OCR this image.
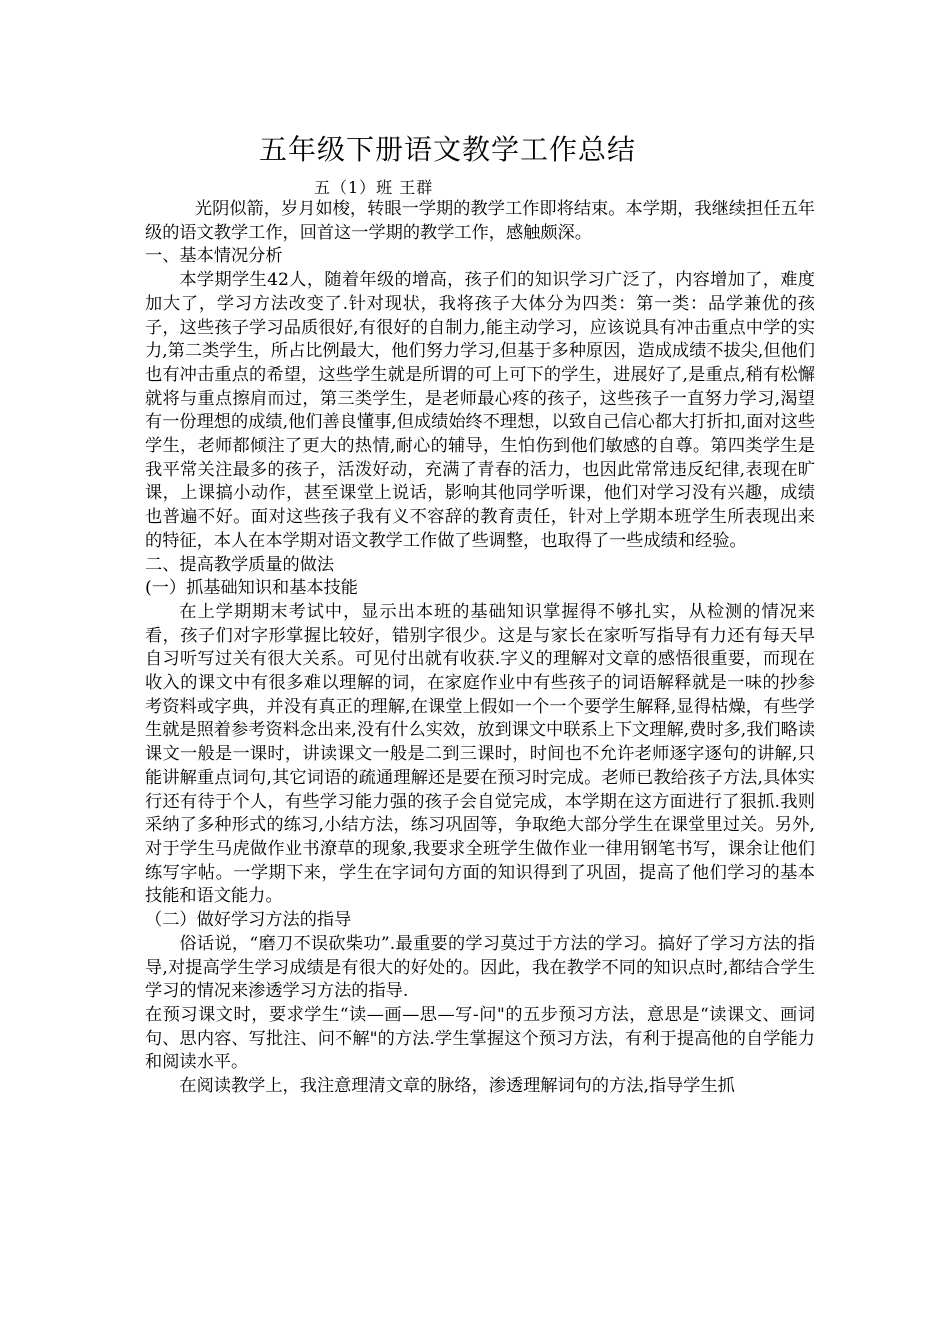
五年级下册语文教学工作总结
五（1）班 王群

光阴似箭，岁月如梭，转眼一学期的教学工作即将结束。本学期，我继续担任五年级的语文教学工作，回首这一学期的教学工作，感触颇深。

一、基本情况分析

本学期学生42人，随着年级的增高，孩子们的知识学习广泛了，内容增加了，难度加大了，学习方法改变了.针对现状，我将孩子大体分为四类：第一类：品学兼优的孩子，这些孩子学习品质很好,有很好的自制力,能主动学习，应该说具有冲击重点中学的实力,第二类学生，所占比例最大，他们努力学习,但基于多种原因，造成成绩不拔尖,但他们也有冲击重点的希望，这些学生就是所谓的可上可下的学生，进展好了,是重点,稍有松懈就将与重点擦肩而过，第三类学生，是老师最心疼的孩子，这些孩子一直努力学习,渴望有一份理想的成绩,他们善良懂事,但成绩始终不理想，以致自己信心都大打折扣,面对这些学生，老师都倾注了更大的热情,耐心的辅导，生怕伤到他们敏感的自尊。第四类学生是我平常关注最多的孩子，活泼好动，充满了青春的活力，也因此常常违反纪律,表现在旷课，上课搞小动作，甚至课堂上说话，影响其他同学听课，他们对学习没有兴趣，成绩也普遍不好。面对这些孩子我有义不容辞的教育责任，针对上学期本班学生所表现出来的特征，本人在本学期对语文教学工作做了些调整，也取得了一些成绩和经验。

二、提高教学质量的做法

(一）抓基础知识和基本技能

在上学期期末考试中，显示出本班的基础知识掌握得不够扎实，从检测的情况来看，孩子们对字形掌握比较好，错别字很少。这是与家长在家听写指导有力还有每天早自习听写过关有很大关系。可见付出就有收获.字义的理解对文章的感悟很重要，而现在收入的课文中有很多难以理解的词，在家庭作业中有些孩子的词语解释就是一味的抄参考资料或字典，并没有真正的理解,在课堂上假如一个一个要学生解释,显得枯燥，有些学生就是照着参考资料念出来,没有什么实效，放到课文中联系上下文理解,费时多,我们略读课文一般是一课时，讲读课文一般是二到三课时，时间也不允许老师逐字逐句的讲解,只能讲解重点词句,其它词语的疏通理解还是要在预习时完成。老师已教给孩子方法,具体实行还有待于个人，有些学习能力强的孩子会自觉完成，本学期在这方面进行了狠抓.我则采纳了多种形式的练习,小结方法，练习巩固等，争取绝大部分学生在课堂里过关。另外,对于学生马虎做作业书潦草的现象,我要求全班学生做作业一律用钢笔书写，课余让他们练写字帖。一学期下来，学生在字词句方面的知识得到了巩固，提高了他们学习的基本技能和语文能力。

（二）做好学习方法的指导

俗话说，“磨刀不误砍柴功”.最重要的学习莫过于方法的学习。搞好了学习方法的指导,对提高学生学习成绩是有很大的好处的。因此，我在教学不同的知识点时,都结合学生学习的情况来渗透学习方法的指导.

在预习课文时，要求学生“读—画—思—写-问"的五步预习方法，意思是“读课文、画词句、思内容、写批注、问不解"的方法.学生掌握这个预习方法，有利于提高他的自学能力和阅读水平。

在阅读教学上，我注意理清文章的脉络，渗透理解词句的方法,指导学生抓
